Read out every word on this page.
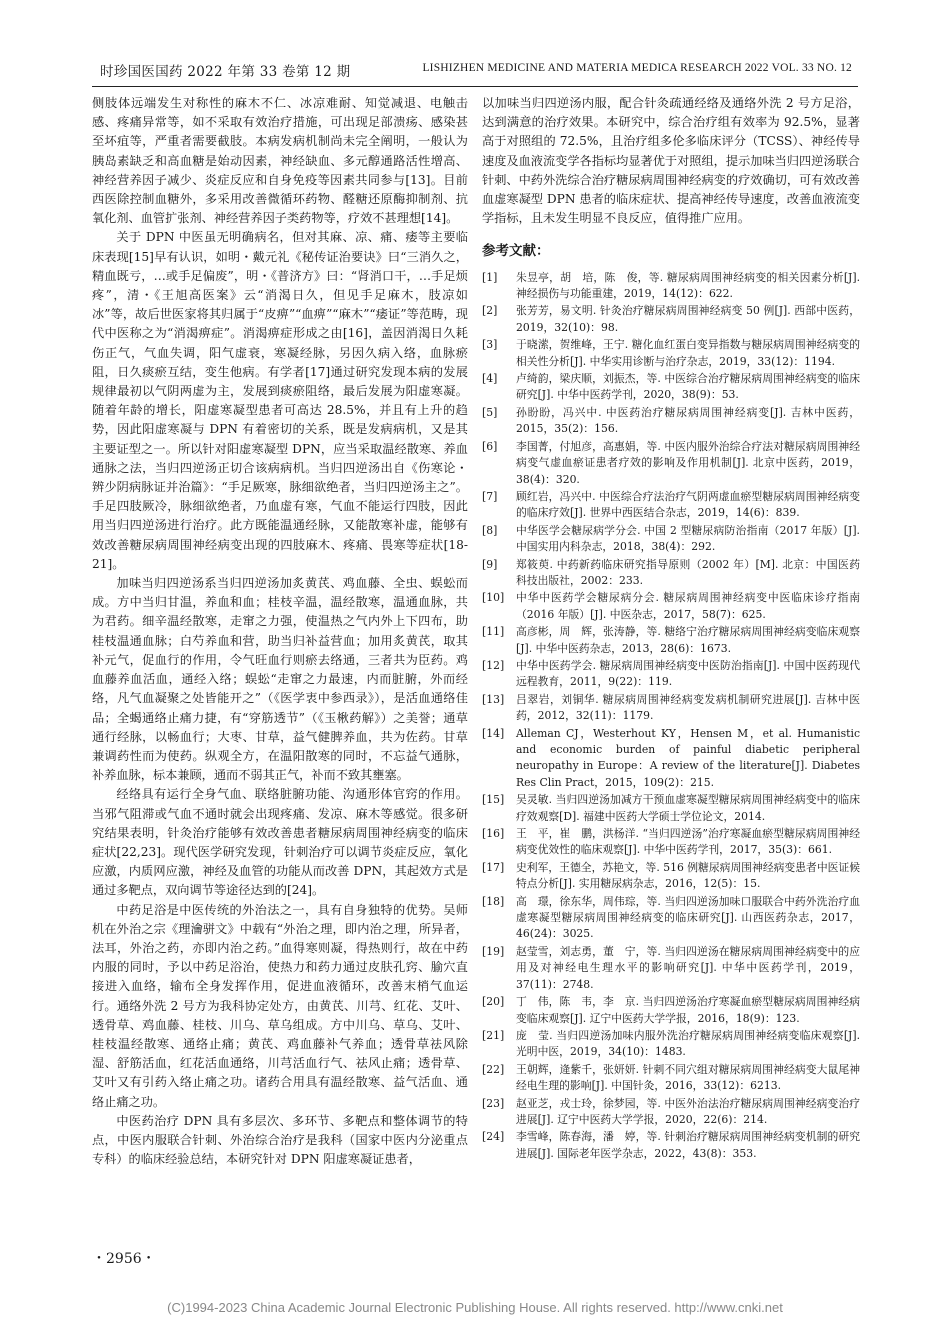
时珍国医国药 2022 年第 33 卷第 12 期	LISHIZHEN MEDICINE AND MATERIA MEDICA RESEARCH 2022 VOL. 33 NO. 12

侧肢体远端发生对称性的麻木不仁、冰凉难耐、知觉减退、电触击感、疼痛异常等，如不采取有效治疗措施，可出现足部溃疡、感染甚至坏疽等，严重者需要截肢。本病发病机制尚未完全阐明，一般认为胰岛素缺乏和高血糖是始动因素，神经缺血、多元醇通路活性增高、神经营养因子减少、炎症反应和自身免疫等因素共同参与[13]。目前西医除控制血糖外，多采用改善微循环药物、醛糖还原酶抑制剂、抗氧化剂、血管扩张剂、神经营养因子类药物等，疗效不甚理想[14]。

关于 DPN 中医虽无明确病名，但对其麻、凉、痛、痿等主要临床表现[15]早有认识，如明・戴元礼《秘传证治要诀》曰“三消久之，精血既亏，…或手足偏废”，明・《普济方》曰：“肾消口干，…手足烦疼”，清・《王旭高医案》云“消渴日久，但见手足麻木，肢凉如冰”等，故后世医家将其归属于“皮痹”“血痹”“麻木”“痿证”等范畴，现代中医称之为“消渴痹症”。消渴痹症形成之由[16]，盖因消渴日久耗伤正气，气血失调，阳气虚衰，寒凝经脉，另因久病入络，血脉瘀阻，日久痰瘀互结，变生他病。有学者[17]通过研究发现本病的发展规律最初以气阴两虚为主，发展到痰瘀阻络，最后发展为阳虚寒凝。随着年龄的增长，阳虚寒凝型患者可高达 28.5%，并且有上升的趋势，因此阳虚寒凝与 DPN 有着密切的关系，既是发病病机，又是其主要证型之一。所以针对阳虚寒凝型 DPN，应当采取温经散寒、养血通脉之法，当归四逆汤正切合该病病机。当归四逆汤出自《伤寒论・辨少阴病脉证并治篇》：“手足厥寒，脉细欲绝者，当归四逆汤主之”。手足四肢厥冷，脉细欲绝者，乃血虚有寒，气血不能运行四肢，因此用当归四逆汤进行治疗。此方既能温通经脉，又能散寒补虚，能够有效改善糖尿病周围神经病变出现的四肢麻木、疼痛、畏寒等症状[18-21]。

加味当归四逆汤系当归四逆汤加炙黄芪、鸡血藤、全虫、蜈蚣而成。方中当归甘温，养血和血；桂枝辛温，温经散寒，温通血脉，共为君药。细辛温经散寒，走窜之力强，使温热之气内外上下四布，助桂枝温通血脉；白芍养血和营，助当归补益营血；加用炙黄芪，取其补元气，促血行的作用，令气旺血行则瘀去络通，三者共为臣药。鸡血藤养血活血，通经入络；蜈蚣“走窜之力最速，内而脏腑，外而经络，凡气血凝聚之处皆能开之”（《医学衷中参西录》），是活血通络佳品；全蝎通络止痛力捷，有“穿筋透节”（《玉楸药解》）之美誉；通草通行经脉，以畅血行；大枣、甘草，益气健脾养血，共为佐药。甘草兼调药性而为使药。纵观全方，在温阳散寒的同时，不忘益气通脉，补养血脉，标本兼顾，通而不弱其正气，补而不致其壅塞。

经络具有运行全身气血、联络脏腑功能、沟通形体官窍的作用。当邪气阻滞或气血不通时就会出现疼痛、发凉、麻木等感觉。很多研究结果表明，针灸治疗能够有效改善患者糖尿病周围神经病变的临床症状[22,23]。现代医学研究发现，针刺治疗可以调节炎症反应，氧化应激，内质网应激，神经及血管的功能从而改善 DPN，其起效方式是通过多靶点，双向调节等途径达到的[24]。

中药足浴是中医传统的外治法之一，具有自身独特的优势。吴师机在外治之宗《理瀹骈文》中载有“外治之理，即内治之理，所异者，法耳，外治之药，亦即内治之药。”血得寒则凝，得热则行，故在中药内服的同时，予以中药足浴治，使热力和药力通过皮肤孔窍、腧穴直接进入血络，输布全身发挥作用，促进血液循环，改善末梢气血运行。通络外洗 2 号方为我科协定处方，由黄芪、川芎、红花、艾叶、透骨草、鸡血藤、桂枝、川乌、草乌组成。方中川乌、草乌、艾叶、桂枝温经散寒、通络止痛；黄芪、鸡血藤补气养血；透骨草祛风除湿、舒筋活血，红花活血通络，川芎活血行气、祛风止痛；透骨草、艾叶又有引药入络止痛之功。诸药合用具有温经散寒、益气活血、通络止痛之功。

中医药治疗 DPN 具有多层次、多环节、多靶点和整体调节的特点，中医内服联合针刺、外治综合治疗是我科（国家中医内分泌重点专科）的临床经验总结，本研究针对 DPN 阳虚寒凝证患者，

以加味当归四逆汤内服，配合针灸疏通经络及通络外洗 2 号方足浴，达到满意的治疗效果。本研究中，综合治疗组有效率为 92.5%，显著高于对照组的 72.5%，且治疗组多伦多临床评分（TCSS）、神经传导速度及血液流变学各指标均显著优于对照组，提示加味当归四逆汤联合针刺、中药外洗综合治疗糖尿病周围神经病变的疗效确切，可有效改善血虚寒凝型 DPN 患者的临床症状、提高神经传导速度，改善血液流变学指标，且未发生明显不良反应，值得推广应用。

参考文献：
[1]	朱昱亭，胡　培，陈　俊，等. 糖尿病周围神经病变的相关因素分析[J]. 神经损伤与功能重建，2019，14(12)：622.
[2]	张芳芳，易文明. 针灸治疗糖尿病周围神经病变 50 例[J]. 西部中医药，2019，32(10)：98.
[3]	于晓潆，贺维峰，王宁. 糖化血红蛋白变异指数与糖尿病周围神经病变的相关性分析[J]. 中华实用诊断与治疗杂志，2019，33(12)：1194.
[4]	卢绮韵，梁庆顺，刘振杰，等. 中医综合治疗糖尿病周围神经病变的临床研究[J]. 中华中医药学刊，2020，38(9)：53.
[5]	孙盼盼，冯兴中. 中医药治疗糖尿病周围神经病变[J]. 吉林中医药，2015，35(2)：156.
[6]	李国菁，付旭彦，高惠娟，等. 中医内服外治综合疗法对糖尿病周围神经病变气虚血瘀证患者疗效的影响及作用机制[J]. 北京中医药，2019，38(4)：320.
[7]	顾红岩，冯兴中. 中医综合疗法治疗气阴两虚血瘀型糖尿病周围神经病变的临床疗效[J]. 世界中西医结合杂志，2019，14(6)：839.
[8]	中华医学会糖尿病学分会. 中国 2 型糖尿病防治指南（2017 年版）[J]. 中国实用内科杂志，2018，38(4)：292.
[9]	郑筱萸. 中药新药临床研究指导原则（2002 年）[M]. 北京：中国医药科技出版社，2002：233.
[10]	中华中医药学会糖尿病分会. 糖尿病周围神经病变中医临床诊疗指南（2016 年版）[J]. 中医杂志，2017，58(7)：625.
[11]	高彦彬，周　辉，张涛静，等. 糖络宁治疗糖尿病周围神经病变临床观察[J]. 中华中医药杂志，2013，28(6)：1673.
[12]	中华中医药学会. 糖尿病周围神经病变中医防治指南[J]. 中国中医药现代远程教育，2011，9(22)：119.
[13]	吕翠岩，刘铜华. 糖尿病周围神经病变发病机制研究进展[J]. 吉林中医药，2012，32(11)：1179.
[14]	Alleman CJ，Westerhout KY，Hensen M，et al. Humanistic and economic burden of painful diabetic peripheral neuropathy in Europe：A review of the literature[J]. Diabetes Res Clin Pract，2015，109(2)：215.
[15]	吴灵敏. 当归四逆汤加减方干预血虚寒凝型糖尿病周围神经病变中的临床疗效观察[D]. 福建中医药大学硕士学位论文，2014.
[16]	王　平，崔　鹏，洪杨洋. “当归四逆汤”治疗寒凝血瘀型糖尿病周围神经病变优效性的临床观察[J]. 中华中医药学刊，2017，35(3)：661.
[17]	史利军，王德全，苏艳文，等. 516 例糖尿病周围神经病变患者中医证候特点分析[J]. 实用糖尿病杂志，2016，12(5)：15.
[18]	高　璟，徐东华，周伟琮，等. 当归四逆汤加味口服联合中药外洗治疗血虚寒凝型糖尿病周围神经病变的临床研究[J]. 山西医药杂志，2017，46(24)：3025.
[19]	赵莹雪，刘志勇，董　宁，等. 当归四逆汤在糖尿病周围神经病变中的应用及对神经电生理水平的影响研究[J]. 中华中医药学刊，2019，37(11)：2748.
[20]	丁　伟，陈　韦，李　京. 当归四逆汤治疗寒凝血瘀型糖尿病周围神经病变临床观察[J]. 辽宁中医药大学学报，2016，18(9)：123.
[21]	庞　莹. 当归四逆汤加味内服外洗治疗糖尿病周围神经病变临床观察[J]. 光明中医，2019，34(10)：1483.
[22]	王朝辉，逄紫千，张妍妍. 针刺不同穴组对糖尿病周围神经病变大鼠尾神经电生理的影响[J]. 中国针灸，2016，33(12)：6213.
[23]	赵亚芝，戎士玲，徐梦园，等. 中医外治法治疗糖尿病周围神经病变治疗进展[J]. 辽宁中医药大学学报，2020，22(6)：214.
[24]	李雪峰，陈春海，潘　婷，等. 针刺治疗糖尿病周围神经病变机制的研究进展[J]. 国际老年医学杂志，2022，43(8)：353.
・2956・
(C)1994-2023 China Academic Journal Electronic Publishing House. All rights reserved. http://www.cnki.net
